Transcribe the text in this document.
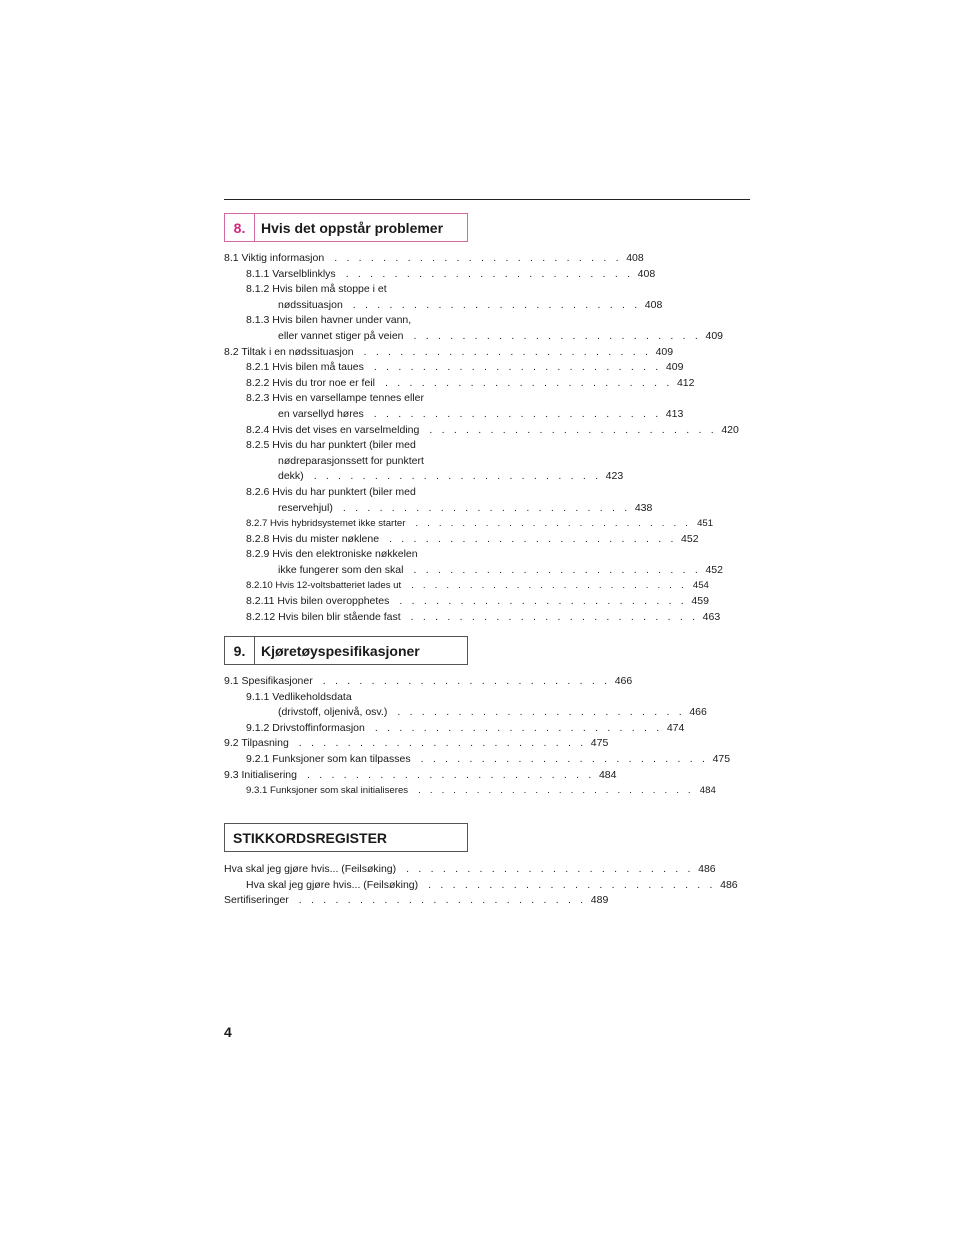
8.	Hvis det oppstår problemer
8.1 Viktig informasjon . . . . . . . . . . . . . . . . . . . . . . . . 408
8.1.1 Varselblinklys . . . . . . . . . . . . . . . . . . . . . . . . 408
8.1.2 Hvis bilen må stoppe i et
nødssituasjon . . . . . . . . . . . . . . . . . . . . . . . . 408
8.1.3 Hvis bilen havner under vann,
eller vannet stiger på veien . . . . . . . . . . . . . . . . . . . . . . . . 409
8.2 Tiltak i en nødssituasjon . . . . . . . . . . . . . . . . . . . . . . . . 409
8.2.1 Hvis bilen må taues . . . . . . . . . . . . . . . . . . . . . . . . 409
8.2.2 Hvis du tror noe er feil . . . . . . . . . . . . . . . . . . . . . . . . 412
8.2.3 Hvis en varsellampe tennes eller
en varsellyd høres . . . . . . . . . . . . . . . . . . . . . . . . 413
8.2.4 Hvis det vises en varselmelding . . . . . . . . . . . . . . . . . . . . . . . . 420
8.2.5 Hvis du har punktert (biler med
nødreparasjonssett for punktert
dekk) . . . . . . . . . . . . . . . . . . . . . . . . 423
8.2.6 Hvis du har punktert (biler med
reservehjul) . . . . . . . . . . . . . . . . . . . . . . . . 438
8.2.7 Hvis hybridsystemet ikke starter	. . . . . . . . . . . . . . . . . . . . . . . . 451
8.2.8 Hvis du mister nøklene . . . . . . . . . . . . . . . . . . . . . . . . 452
8.2.9 Hvis den elektroniske nøkkelen
ikke fungerer som den skal . . . . . . . . . . . . . . . . . . . . . . . . 452
8.2.10 Hvis 12-voltsbatteriet lades ut	. . . . . . . . . . . . . . . . . . . . . . . . 454
8.2.11 Hvis bilen overopphetes . . . . . . . . . . . . . . . . . . . . . . . . 459
8.2.12 Hvis bilen blir stående fast . . . . . . . . . . . . . . . . . . . . . . . . 463
9.	Kjøretøyspesifikasjoner
9.1 Spesifikasjoner . . . . . . . . . . . . . . . . . . . . . . . . 466
9.1.1 Vedlikeholdsdata
(drivstoff, oljenivå, osv.) . . . . . . . . . . . . . . . . . . . . . . . . 466
9.1.2 Drivstoffinformasjon . . . . . . . . . . . . . . . . . . . . . . . . 474
9.2 Tilpasning . . . . . . . . . . . . . . . . . . . . . . . . 475
9.2.1 Funksjoner som kan tilpasses . . . . . . . . . . . . . . . . . . . . . . . . 475
9.3 Initialisering . . . . . . . . . . . . . . . . . . . . . . . . 484
9.3.1 Funksjoner som skal initialiseres	. . . . . . . . . . . . . . . . . . . . . . . . 484
STIKKORDSREGISTER
Hva skal jeg gjøre hvis... (Feilsøking) . . . . . . . . . . . . . . . . . . . . . . . . 486
Hva skal jeg gjøre hvis... (Feilsøking) . . . . . . . . . . . . . . . . . . . . . . . . 486
Sertifiseringer . . . . . . . . . . . . . . . . . . . . . . . . 489
4
